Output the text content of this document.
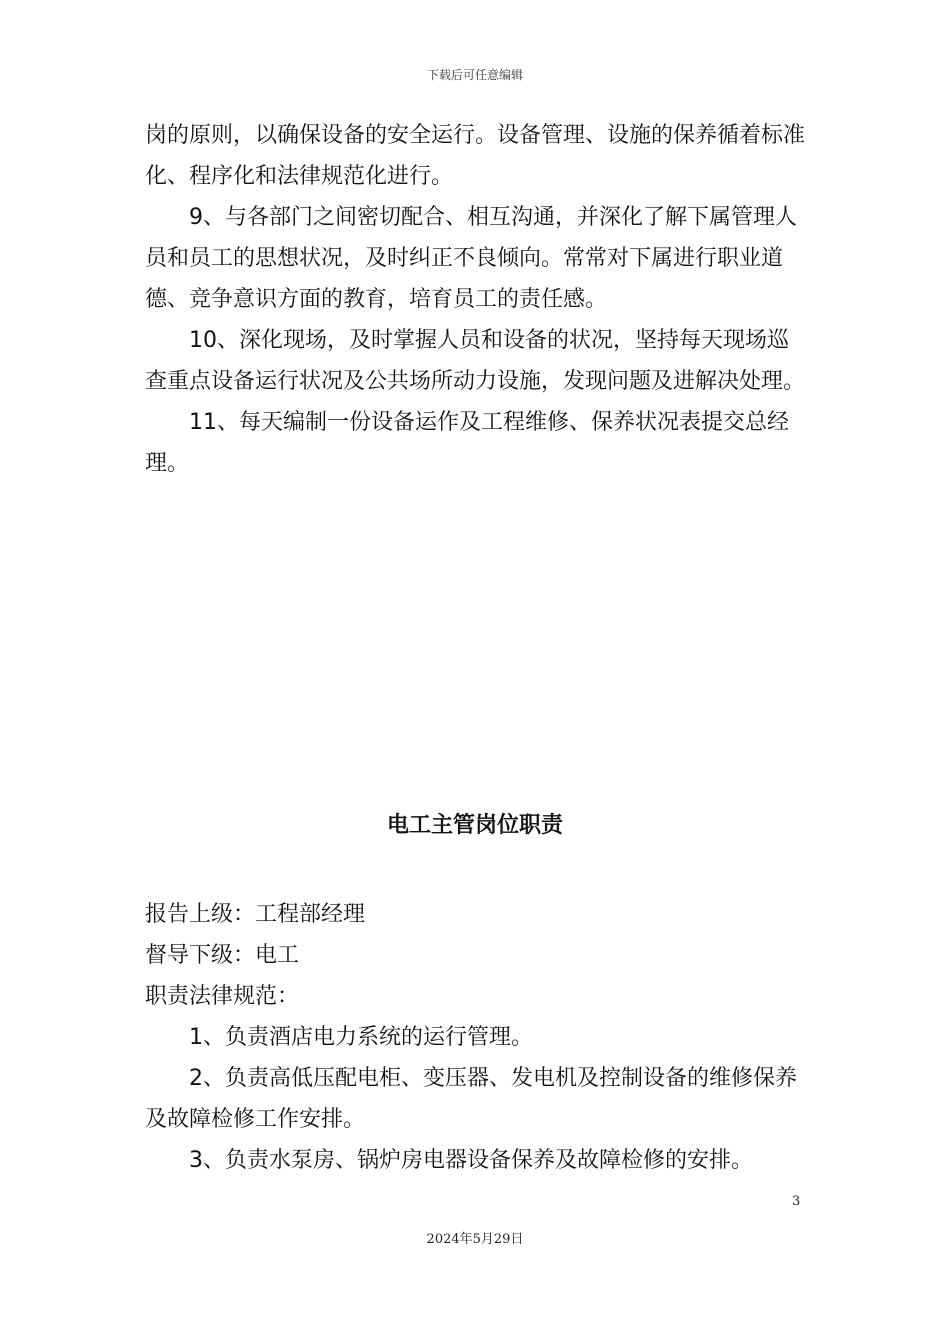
下载后可任意编辑

岗的原则，以确保设备的安全运行。设备管理、设施的保养循着标准化、程序化和法律规范化进行。

9、与各部门之间密切配合、相互沟通，并深化了解下属管理人员和员工的思想状况，及时纠正不良倾向。常常对下属进行职业道德、竞争意识方面的教育，培育员工的责任感。

10、深化现场，及时掌握人员和设备的状况，坚持每天现场巡查重点设备运行状况及公共场所动力设施，发现问题及进解决处理。

11、每天编制一份设备运作及工程维修、保养状况表提交总经理。

电工主管岗位职责

报告上级：工程部经理

督导下级：电工

职责法律规范：

1、负责酒店电力系统的运行管理。

2、负责高低压配电柜、变压器、发电机及控制设备的维修保养及故障检修工作安排。

3、负责水泵房、锅炉房电器设备保养及故障检修的安排。

3
2024年5月29日
